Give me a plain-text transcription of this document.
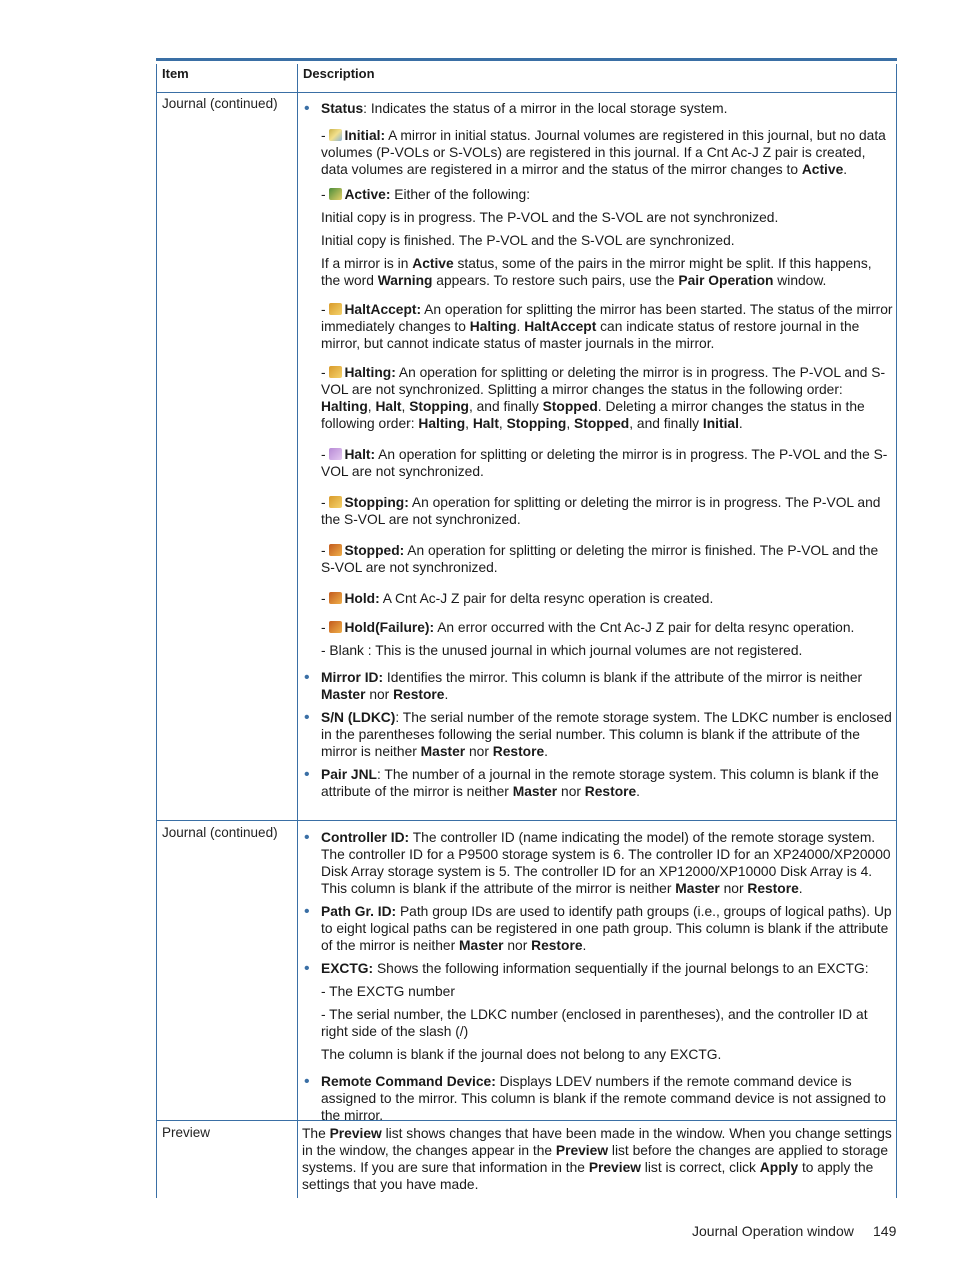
Item	Description
Journal (continued)
Journal (continued)
Preview
• Status: Indicates the status of a mirror in the local storage system.
- Initial: A mirror in initial status. Journal volumes are registered in this journal, but no data volumes (P-VOLs or S-VOLs) are registered in this journal. If a Cnt Ac-J Z pair is created, data volumes are registered in a mirror and the status of the mirror changes to Active.
- Active: Either of the following:

Initial copy is in progress. The P-VOL and the S-VOL are not synchronized.

Initial copy is finished. The P-VOL and the S-VOL are synchronized.

If a mirror is in Active status, some of the pairs in the mirror might be split. If this happens, the word Warning appears. To restore such pairs, use the Pair Operation window.
- HaltAccept: An operation for splitting the mirror has been started. The status of the mirror immediately changes to Halting. HaltAccept can indicate status of restore journal in the mirror, but cannot indicate status of master journals in the mirror.
- Halting: An operation for splitting or deleting the mirror is in progress. The P-VOL and S-VOL are not synchronized. Splitting a mirror changes the status in the following order: Halting, Halt, Stopping, and finally Stopped. Deleting a mirror changes the status in the following order: Halting, Halt, Stopping, Stopped, and finally Initial.
- Halt: An operation for splitting or deleting the mirror is in progress. The P-VOL and the S-VOL are not synchronized.
- Stopping: An operation for splitting or deleting the mirror is in progress. The P-VOL and the S-VOL are not synchronized.
- Stopped: An operation for splitting or deleting the mirror is finished. The P-VOL and the S-VOL are not synchronized.
- Hold: A Cnt Ac-J Z pair for delta resync operation is created.
- Hold(Failure): An error occurred with the Cnt Ac-J Z pair for delta resync operation.

- Blank : This is the unused journal in which journal volumes are not registered.

• Mirror ID: Identifies the mirror. This column is blank if the attribute of the mirror is neither Master nor Restore.
• S/N (LDKC): The serial number of the remote storage system. The LDKC number is enclosed in the parentheses following the serial number. This column is blank if the attribute of the mirror is neither Master nor Restore.
• Pair JNL: The number of a journal in the remote storage system. This column is blank if the attribute of the mirror is neither Master nor Restore.
• Controller ID: The controller ID (name indicating the model) of the remote storage system. The controller ID for a P9500 storage system is 6. The controller ID for an XP24000/XP20000 Disk Array storage system is 5. The controller ID for an XP12000/XP10000 Disk Array is 4. This column is blank if the attribute of the mirror is neither Master nor Restore.
• Path Gr. ID: Path group IDs are used to identify path groups (i.e., groups of logical paths). Up to eight logical paths can be registered in one path group. This column is blank if the attribute of the mirror is neither Master nor Restore.
• EXCTG: Shows the following information sequentially if the journal belongs to an EXCTG:

- The EXCTG number

- The serial number, the LDKC number (enclosed in parentheses), and the controller ID at right side of the slash (/)

The column is blank if the journal does not belong to any EXCTG.

• Remote Command Device: Displays LDEV numbers if the remote command device is assigned to the mirror. This column is blank if the remote command device is not assigned to the mirror.
The Preview list shows changes that have been made in the window. When you change settings in the window, the changes appear in the Preview list before the changes are applied to storage systems. If you are sure that information in the Preview list is correct, click Apply to apply the settings that you have made.
Journal Operation window 149
